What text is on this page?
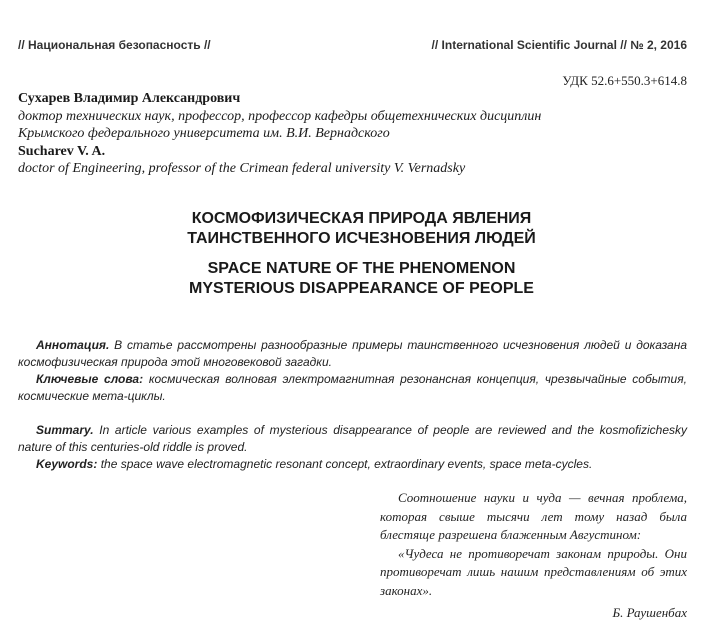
// Национальная безопасность //	// International Scientific Journal // № 2, 2016
УДК 52.6+550.3+614.8
Сухарев Владимир Александрович
доктор технических наук, профессор, профессор кафедры общетехнических дисциплин
Крымского федерального университета им. В.И. Вернадского
Sucharev V. A.
doctor of Engineering, professor of the Crimean federal university V. Vernadsky
КОСМОФИЗИЧЕСКАЯ ПРИРОДА ЯВЛЕНИЯ
ТАИНСТВЕННОГО ИСЧЕЗНОВЕНИЯ ЛЮДЕЙ
SPACE NATURE OF THE PHENOMENON
MYSTERIOUS DISAPPEARANCE OF PEOPLE

Аннотация. В статье рассмотрены разнообразные примеры таинственного исчезновения людей и доказана космофизическая природа этой многовековой загадки.

Ключевые слова: космическая волновая электромагнитная резонансная концепция, чрезвычайные события, космические мета-циклы.

Summary. In article various examples of mysterious disappearance of people are reviewed and the kosmofizichesky nature of this centuries-old riddle is proved.

Keywords: the space wave electromagnetic resonant concept, extraordinary events, space meta-cycles.

Соотношение науки и чуда — вечная проблема, которая свыше тысячи лет тому назад была блестяще разрешена блаженным Августином:

«Чудеса не противоречат законам природы. Они противоречат лишь нашим представлениям об этих законах».

Б. Раушенбах
